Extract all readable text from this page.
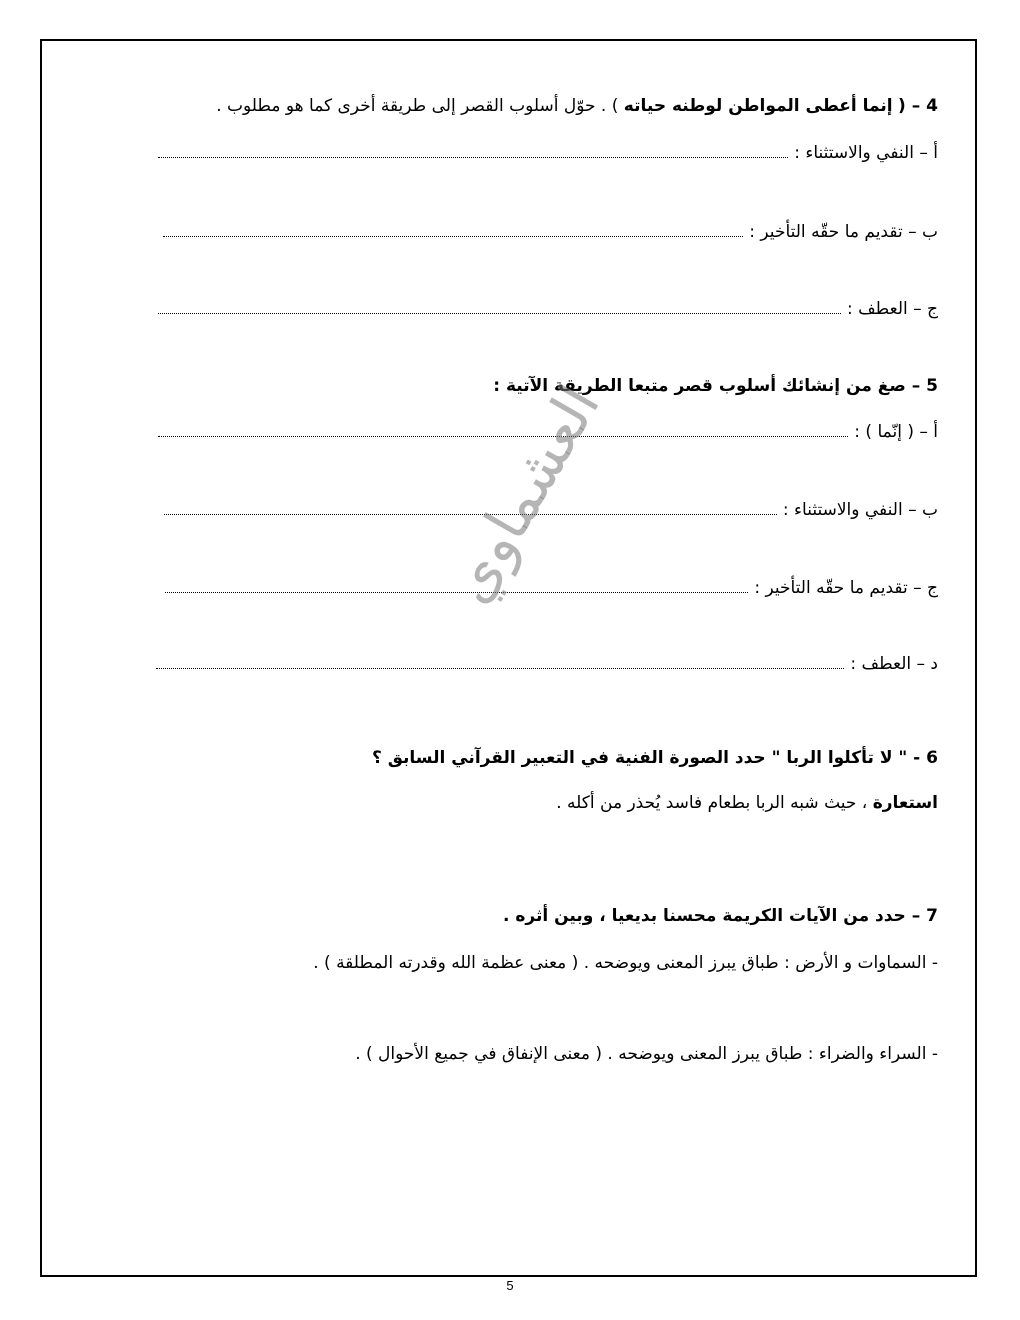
4 – ( إنما أعطى المواطن لوطنه حياته ) . حوّل أسلوب القصر إلى طريقة أخرى كما هو مطلوب .
أ – النفي والاستثناء :
ب – تقديم ما حقّه التأخير :
ج – العطف :
5 – صغ من إنشائك أسلوب قصر متبعا الطريقة الآتية :
أ – ( إنّما ) :
ب – النفي والاستثناء :
ج – تقديم ما حقّه التأخير :
د – العطف :
6 - " لا تأكلوا الربا " حدد الصورة الفنية في التعبير القرآني السابق ؟
استعارة ، حيث شبه الربا بطعام فاسد يُحذر من أكله .
7 – حدد من الآيات الكريمة محسنا بديعيا ، وبين أثره .
- السماوات و الأرض : طباق يبرز المعنى ويوضحه . ( معنى عظمة الله وقدرته المطلقة ) .
- السراء والضراء : طباق يبرز المعنى ويوضحه . ( معنى الإنفاق في جميع الأحوال ) .
العشماوي
5
